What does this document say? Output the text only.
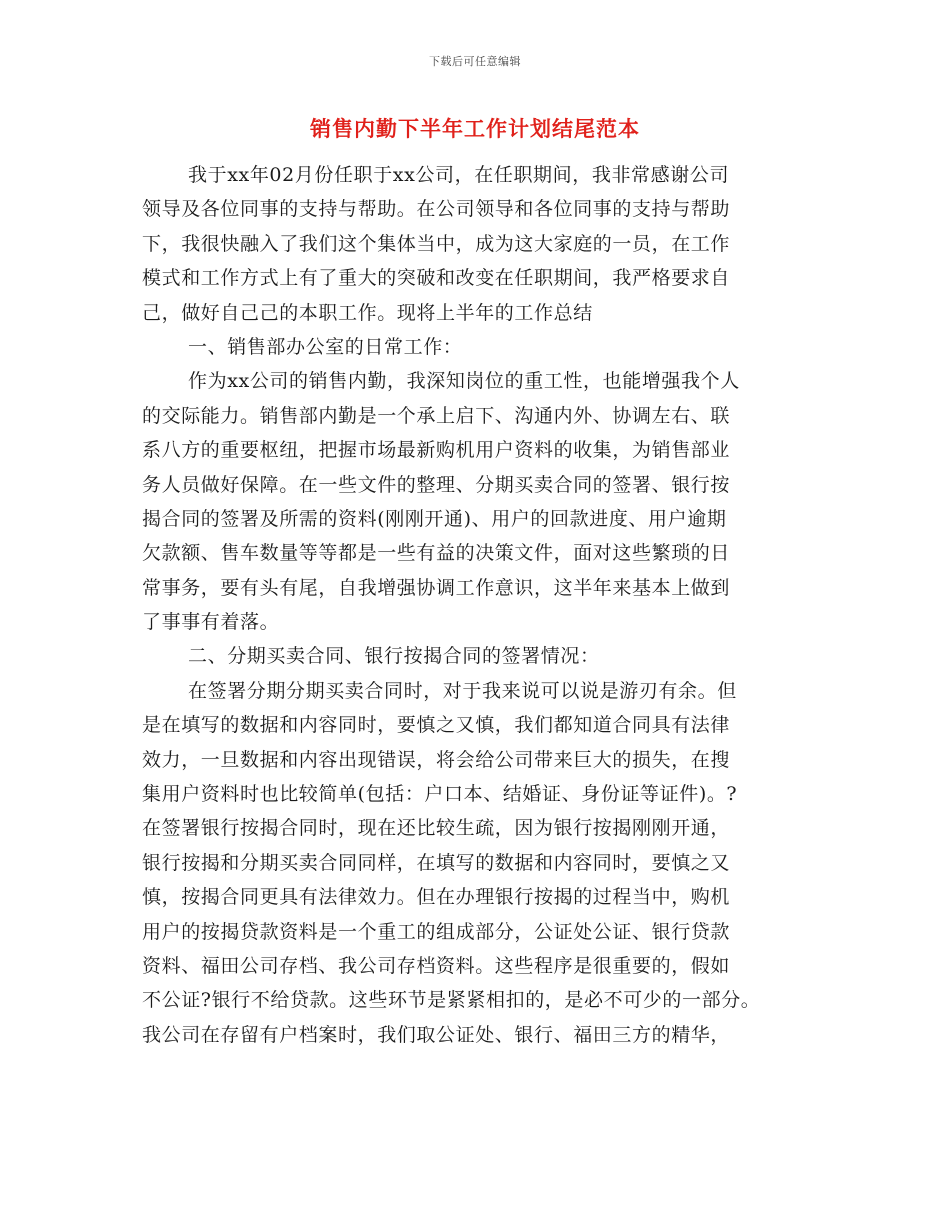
下载后可任意编辑
销售内勤下半年工作计划结尾范本
我于xx年02月份任职于xx公司，在任职期间，我非常感谢公司
领导及各位同事的支持与帮助。在公司领导和各位同事的支持与帮助
下，我很快融入了我们这个集体当中，成为这大家庭的一员，在工作
模式和工作方式上有了重大的突破和改变在任职期间，我严格要求自
己，做好自己己的本职工作。现将上半年的工作总结
一、销售部办公室的日常工作：
作为xx公司的销售内勤，我深知岗位的重工性，也能增强我个人
的交际能力。销售部内勤是一个承上启下、沟通内外、协调左右、联
系八方的重要枢纽，把握市场最新购机用户资料的收集，为销售部业
务人员做好保障。在一些文件的整理、分期买卖合同的签署、银行按
揭合同的签署及所需的资料(刚刚开通)、用户的回款进度、用户逾期
欠款额、售车数量等等都是一些有益的决策文件，面对这些繁琐的日
常事务，要有头有尾，自我增强协调工作意识，这半年来基本上做到
了事事有着落。
二、分期买卖合同、银行按揭合同的签署情况：
在签署分期分期买卖合同时，对于我来说可以说是游刃有余。但
是在填写的数据和内容同时，要慎之又慎，我们都知道合同具有法律
效力，一旦数据和内容出现错误，将会给公司带来巨大的损失，在搜
集用户资料时也比较简单(包括：户口本、结婚证、身份证等证件)。?
在签署银行按揭合同时，现在还比较生疏，因为银行按揭刚刚开通，
银行按揭和分期买卖合同同样，在填写的数据和内容同时，要慎之又
慎，按揭合同更具有法律效力。但在办理银行按揭的过程当中，购机
用户的按揭贷款资料是一个重工的组成部分，公证处公证、银行贷款
资料、福田公司存档、我公司存档资料。这些程序是很重要的，假如
不公证?银行不给贷款。这些环节是紧紧相扣的，是必不可少的一部分。
我公司在存留有户档案时，我们取公证处、银行、福田三方的精华，
